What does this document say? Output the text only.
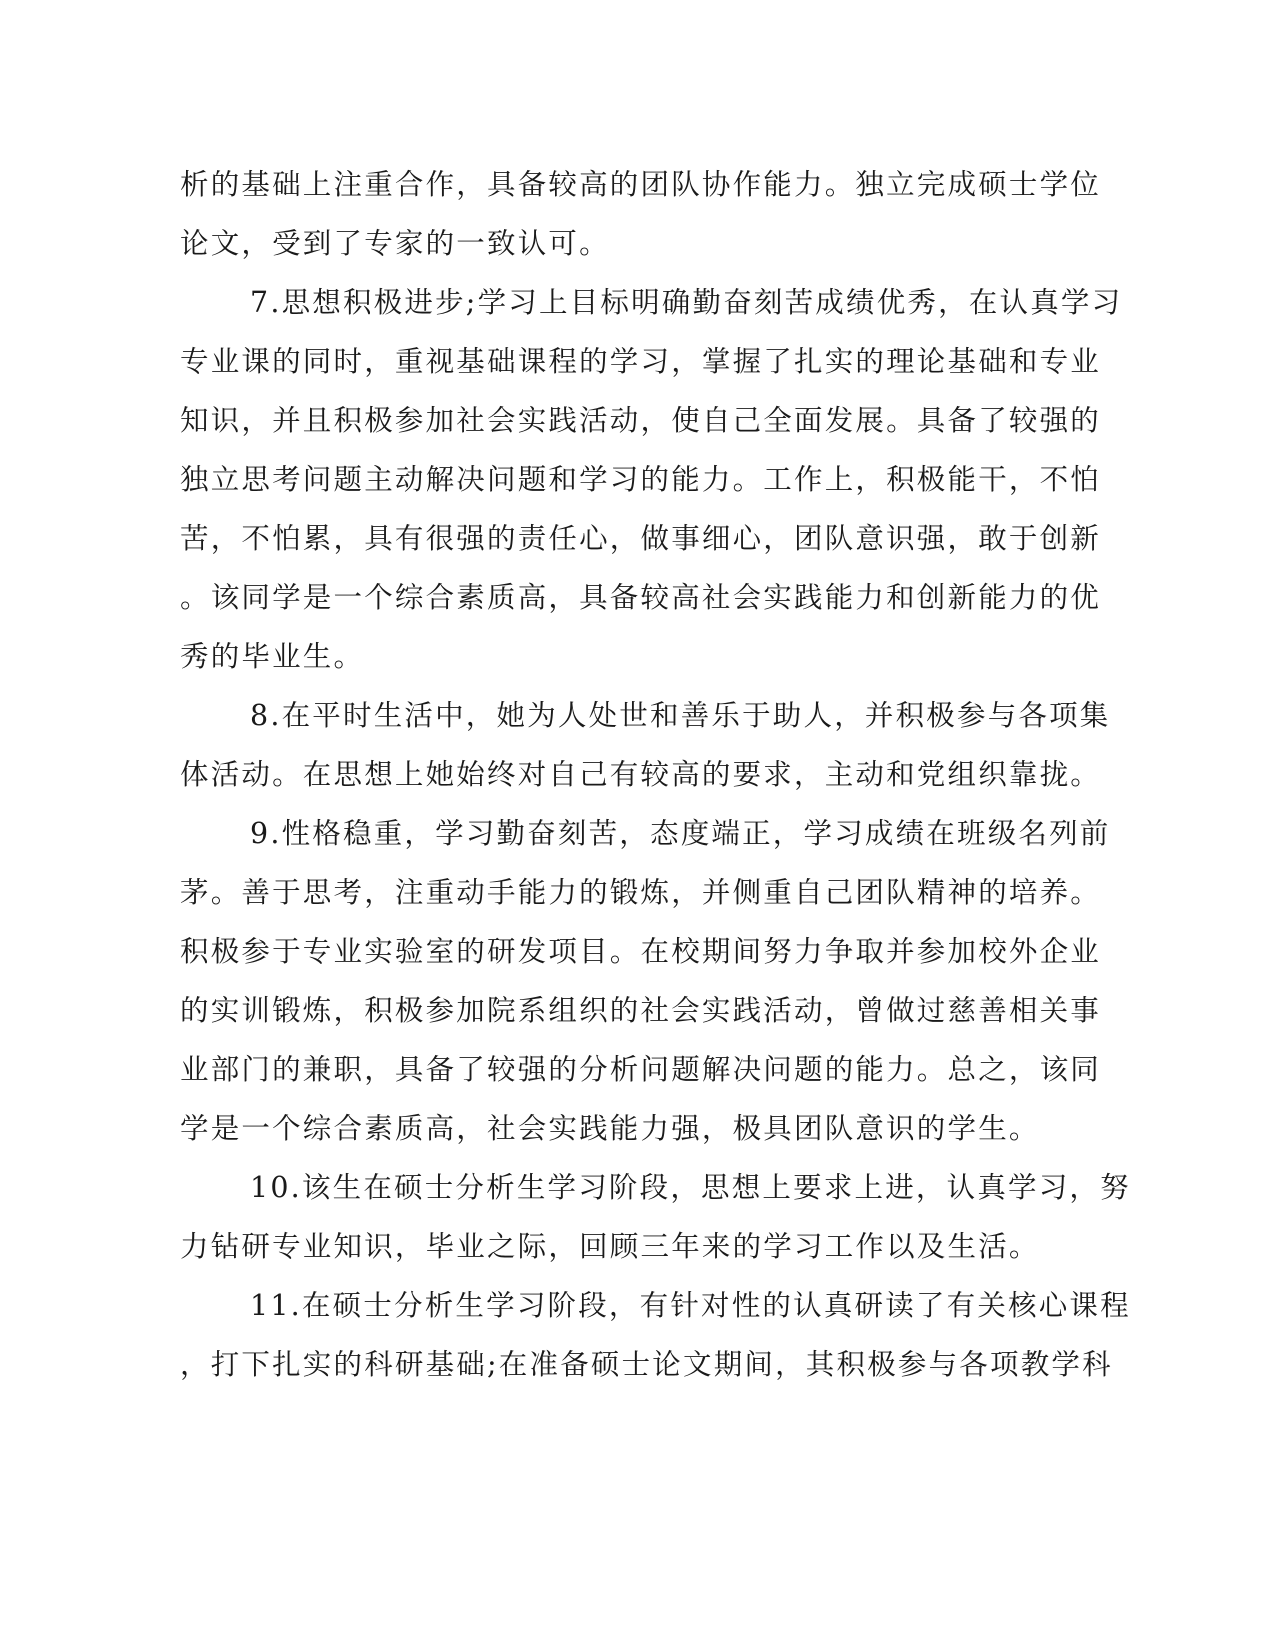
析的基础上注重合作，具备较高的团队协作能力。独立完成硕士学位
论文，受到了专家的一致认可。
7.思想积极进步;学习上目标明确勤奋刻苦成绩优秀，在认真学习
专业课的同时，重视基础课程的学习，掌握了扎实的理论基础和专业
知识，并且积极参加社会实践活动，使自己全面发展。具备了较强的
独立思考问题主动解决问题和学习的能力。工作上，积极能干，不怕
苦，不怕累，具有很强的责任心，做事细心，团队意识强，敢于创新
。该同学是一个综合素质高，具备较高社会实践能力和创新能力的优
秀的毕业生。
8.在平时生活中，她为人处世和善乐于助人，并积极参与各项集
体活动。在思想上她始终对自己有较高的要求，主动和党组织靠拢。
9.性格稳重，学习勤奋刻苦，态度端正，学习成绩在班级名列前
茅。善于思考，注重动手能力的锻炼，并侧重自己团队精神的培养。
积极参于专业实验室的研发项目。在校期间努力争取并参加校外企业
的实训锻炼，积极参加院系组织的社会实践活动，曾做过慈善相关事
业部门的兼职，具备了较强的分析问题解决问题的能力。总之，该同
学是一个综合素质高，社会实践能力强，极具团队意识的学生。
10.该生在硕士分析生学习阶段，思想上要求上进，认真学习，努
力钻研专业知识，毕业之际，回顾三年来的学习工作以及生活。
11.在硕士分析生学习阶段，有针对性的认真研读了有关核心课程
，打下扎实的科研基础;在准备硕士论文期间，其积极参与各项教学科
